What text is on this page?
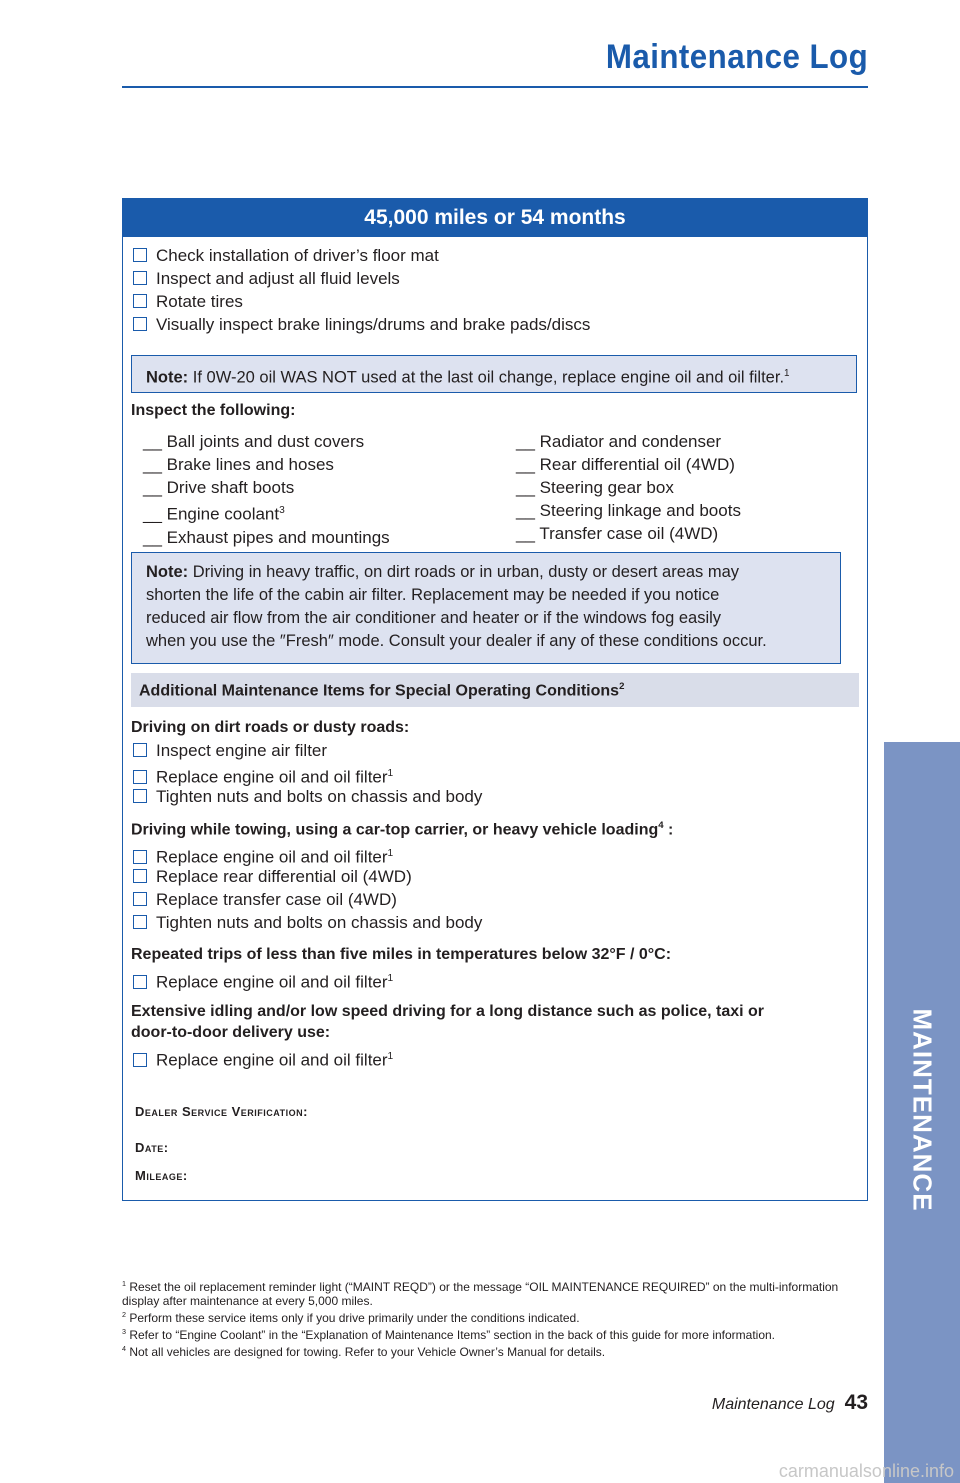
Maintenance Log
MAINTENANCE
45,000 miles or 54 months
Check installation of driver’s floor mat
Inspect and adjust all fluid levels
Rotate tires
Visually inspect brake linings/drums and brake pads/discs
Note: If 0W-20 oil WAS NOT used at the last oil change, replace engine oil and oil filter.$^1$
Inspect the following:
__ Ball joints and dust covers
__ Brake lines and hoses
__ Drive shaft boots
__ Engine coolant$^3$
__ Exhaust pipes and mountings
__ Radiator and condenser
__ Rear differential oil (4WD)
__ Steering gear box
__ Steering linkage and boots
__ Transfer case oil (4WD)
Note: Driving in heavy traffic, on dirt roads or in urban, dusty or desert areas may
shorten the life of the cabin air filter. Replacement may be needed if you notice
reduced air flow from the air conditioner and heater or if the windows fog easily
when you use the ″Fresh″ mode. Consult your dealer if any of these conditions occur.
Additional Maintenance Items for Special Operating Conditions$^2$
Driving on dirt roads or dusty roads:
Inspect engine air filter
Replace engine oil and oil filter$^1$
Tighten nuts and bolts on chassis and body
Driving while towing, using a car-top carrier, or heavy vehicle loading$^4$ :
Replace engine oil and oil filter$^1$
Replace rear differential oil (4WD)
Replace transfer case oil (4WD)
Tighten nuts and bolts on chassis and body
Repeated trips of less than five miles in temperatures below 32°F / 0°C:
Replace engine oil and oil filter$^1$
Extensive idling and/or low speed driving for a long distance such as police, taxi or
door-to-door delivery use:
Replace engine oil and oil filter$^1$
Dealer Service Verification:
Date:
Mileage:
$^1$ Reset the oil replacement reminder light (“MAINT REQD”) or the message “OIL MAINTENANCE REQUIRED” on the multi-information display after maintenance at every 5,000 miles.
$^2$ Perform these service items only if you drive primarily under the conditions indicated.
$^3$ Refer to “Engine Coolant” in the “Explanation of Maintenance Items” section in the back of this guide for more information.
$^4$ Not all vehicles are designed for towing. Refer to your Vehicle Owner’s Manual for details.
Maintenance Log 43
carmanualsonline.info
